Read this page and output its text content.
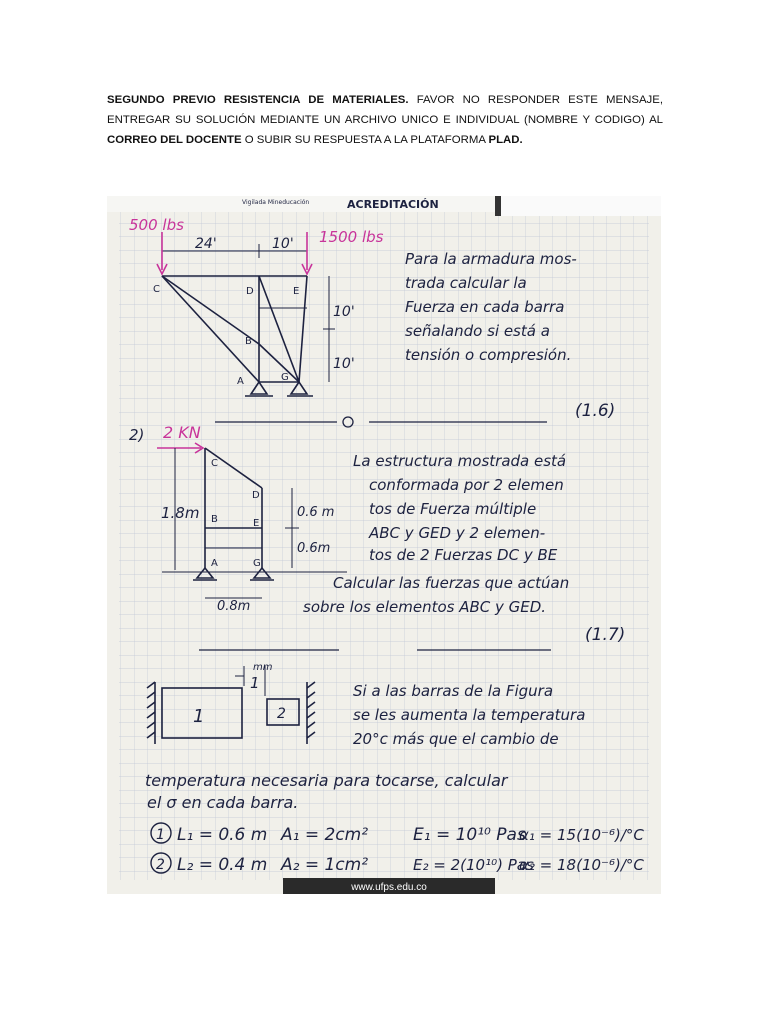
SEGUNDO PREVIO RESISTENCIA DE MATERIALES. FAVOR NO RESPONDER ESTE MENSAJE, ENTREGAR SU SOLUCIÓN MEDIANTE UN ARCHIVO UNICO E INDIVIDUAL (NOMBRE Y CODIGO) AL CORREO DEL DOCENTE O SUBIR SU RESPUESTA A LA PLATAFORMA PLAD.
Vigilada Mineducación	ACREDITACIÓN
500 lbs
1500 lbs
24'	10'
10'
10'
C	D	E
B
A	G
Para la armadura mos-
trada calcular la
Fuerza en cada barra
señalando si está a
tensión o compresión.
(1.6)
2) 2 KN
C
D
B	E
A	G
1.8m	0.6 m
0.6m
0.8m
La estructura mostrada está
conformada por 2 elemen
tos de Fuerza múltiple
ABC y GED y 2 elemen-
tos de 2 Fuerzas DC y BE
Calcular las fuerzas que actúan
sobre los elementos ABC y GED.
(1.7)
mm
1
1	2
Si a las barras de la Figura
se les aumenta la temperatura
20°c más que el cambio de
temperatura necesaria para tocarse, calcular
el σ en cada barra.
1 L₁ = 0.6 m A₁ = 2cm²	E₁ = 10¹⁰ Pas
α₁ = 15(10⁻⁶)/°C
2 L₂ = 0.4 m A₂ = 1cm²	E₂ = 2(10¹⁰) Pas
α₂ = 18(10⁻⁶)/°C
www.ufps.edu.co
